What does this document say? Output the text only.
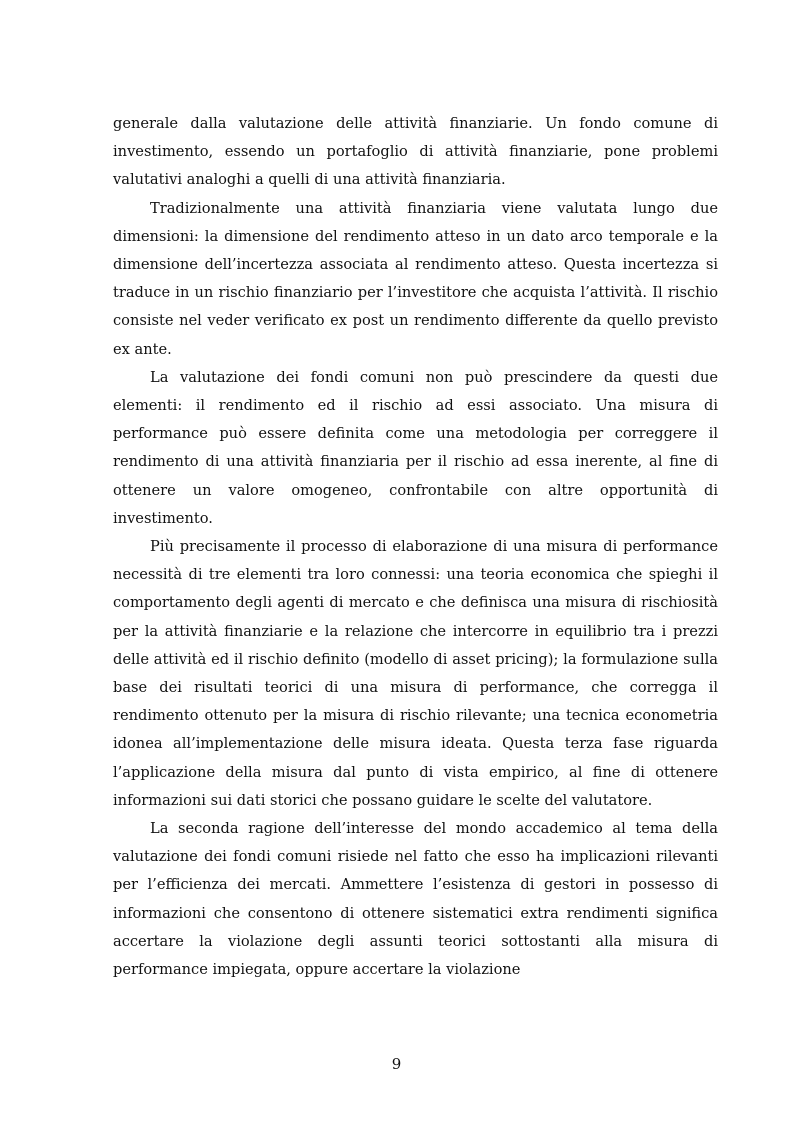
generale dalla valutazione delle attività finanziarie. Un fondo comune di investimento, essendo un portafoglio di attività finanziarie, pone problemi valutativi analoghi a quelli di una attività finanziaria.

Tradizionalmente una attività finanziaria viene valutata lungo due dimensioni: la dimensione del rendimento atteso in un dato arco temporale e la dimensione dell’incertezza associata al rendimento atteso. Questa incertezza si traduce in un rischio finanziario per l’investitore che acquista l’attività. Il rischio consiste nel veder verificato ex post un rendimento differente da quello previsto ex ante.

La valutazione dei fondi comuni non può prescindere da questi due elementi: il rendimento ed il rischio ad essi associato. Una misura di performance può essere definita come una metodologia per correggere il rendimento di una attività finanziaria per il rischio ad essa inerente, al fine di ottenere un valore omogeneo, confrontabile con altre opportunità di investimento.

Più precisamente il processo di elaborazione di una misura di performance necessità di tre elementi tra loro connessi: una teoria economica che spieghi il comportamento degli agenti di mercato e che definisca una misura di rischiosità per la attività finanziarie e la relazione che intercorre in equilibrio tra i prezzi delle attività ed il rischio definito (modello di asset pricing); la formulazione sulla base dei risultati teorici di una misura di performance, che corregga il rendimento ottenuto per la misura di rischio rilevante; una tecnica econometria idonea all’implementazione delle misura ideata. Questa terza fase riguarda l’applicazione della misura dal punto di vista empirico, al fine di ottenere informazioni sui dati storici che possano guidare le scelte del valutatore.

La seconda ragione dell’interesse del mondo accademico al tema della valutazione dei fondi comuni risiede nel fatto che esso ha implicazioni rilevanti per l’efficienza dei mercati. Ammettere l’esistenza di gestori in possesso di informazioni che consentono di ottenere sistematici extra rendimenti significa accertare la violazione degli assunti teorici sottostanti alla misura di performance impiegata, oppure accertare la violazione

9
